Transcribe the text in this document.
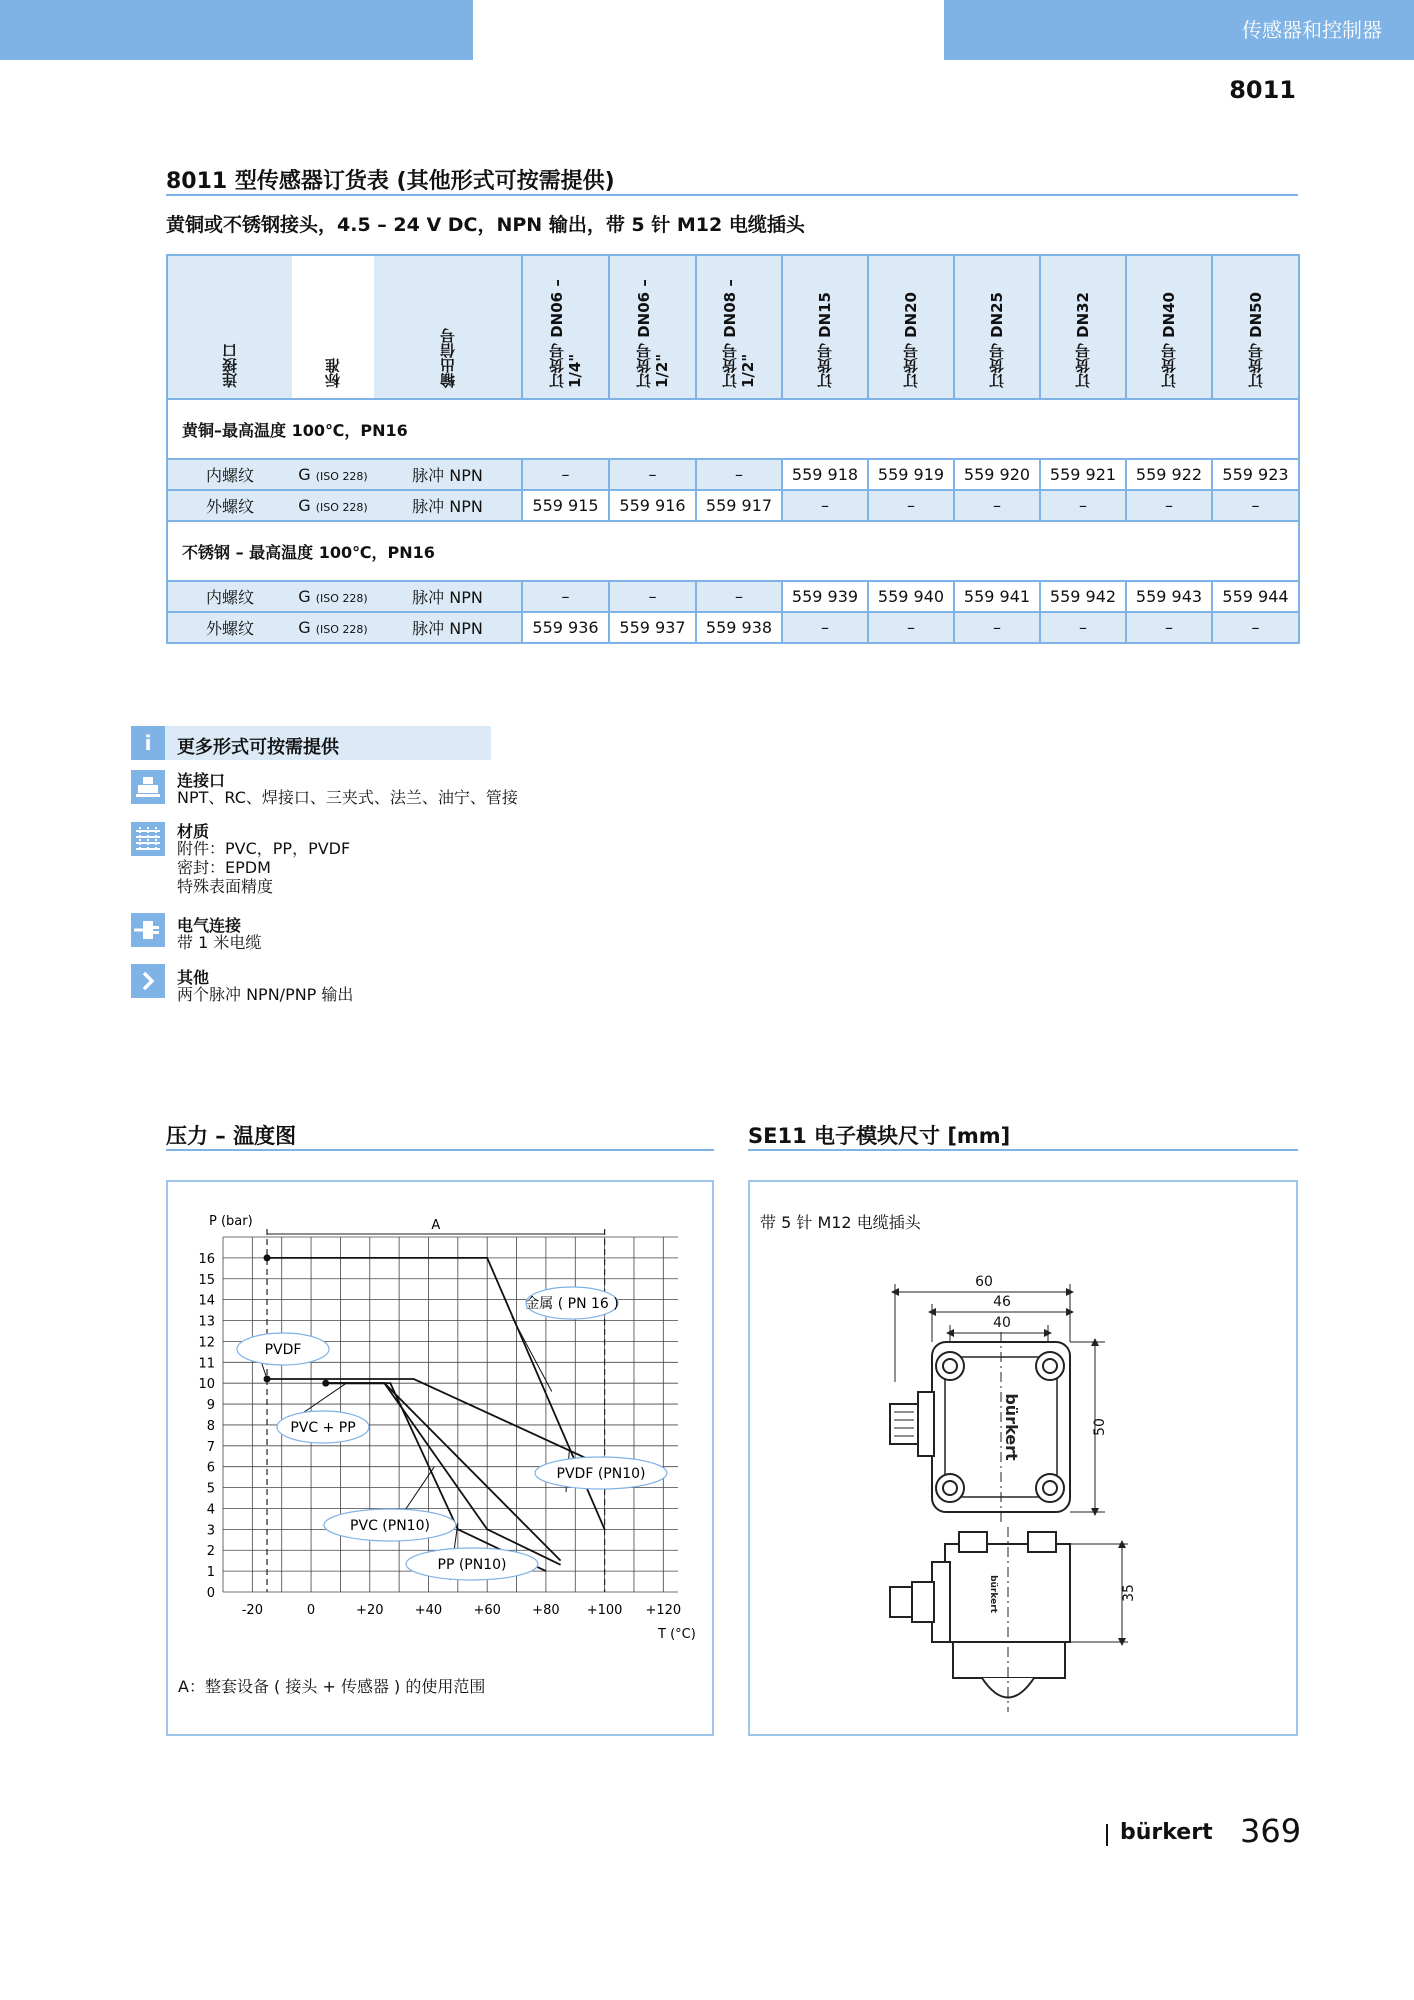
传感器和控制器
8011
8011 型传感器订货表 (其他形式可按需提供)
黄铜或不锈钢接头，4.5 – 24 V DC，NPN 输出，带 5 针 M12 电缆插头
连接口	标准	输出信号	订货号 DN06 – 1/4"	订货号 DN06 – 1/2"	订货号 DN08 – 1/2"	订货号 DN15	订货号 DN20	订货号 DN25	订货号 DN32	订货号 DN40	订货号 DN50
黄铜–最高温度 100℃，PN16											
内螺纹	G (ISO 228)	脉冲 NPN	–	–	–	559 918	559 919	559 920	559 921	559 922	559 923
外螺纹	G (ISO 228)	脉冲 NPN	559 915	559 916	559 917	–	–	–	–	–	–
不锈钢 – 最高温度 100℃，PN16											
内螺纹	G (ISO 228)	脉冲 NPN	–	–	–	559 939	559 940	559 941	559 942	559 943	559 944
外螺纹	G (ISO 228)	脉冲 NPN	559 936	559 937	559 938	–	–	–	–	–	–
i	更多形式可按需提供
连接口
NPT、RC、焊接口、三夹式、法兰、油宁、管接
材质
附件：PVC，PP，PVDF
密封：EPDM
特殊表面精度
电气连接
带 1 米电缆
其他
两个脉冲 NPN/PNP 输出
压力 – 温度图	SE11 电子模块尺寸 [mm]
0
1
2
3
4
5
6
7
8
9
10
11
12
13
14
15
16
-20	0	+20 +40 +60 +80 +100 +120
P (bar)
T (°C)
A
金属 ( PN 16 )
PVDF
PVC + PP
PVDF (PN10)
PVC (PN10)
PP (PN10)
A：整套设备 ( 接头 + 传感器 ) 的使用范围
带 5 针 M12 电缆插头
bürkert
bürkert
60
46
40
50
35
bürkert 369
